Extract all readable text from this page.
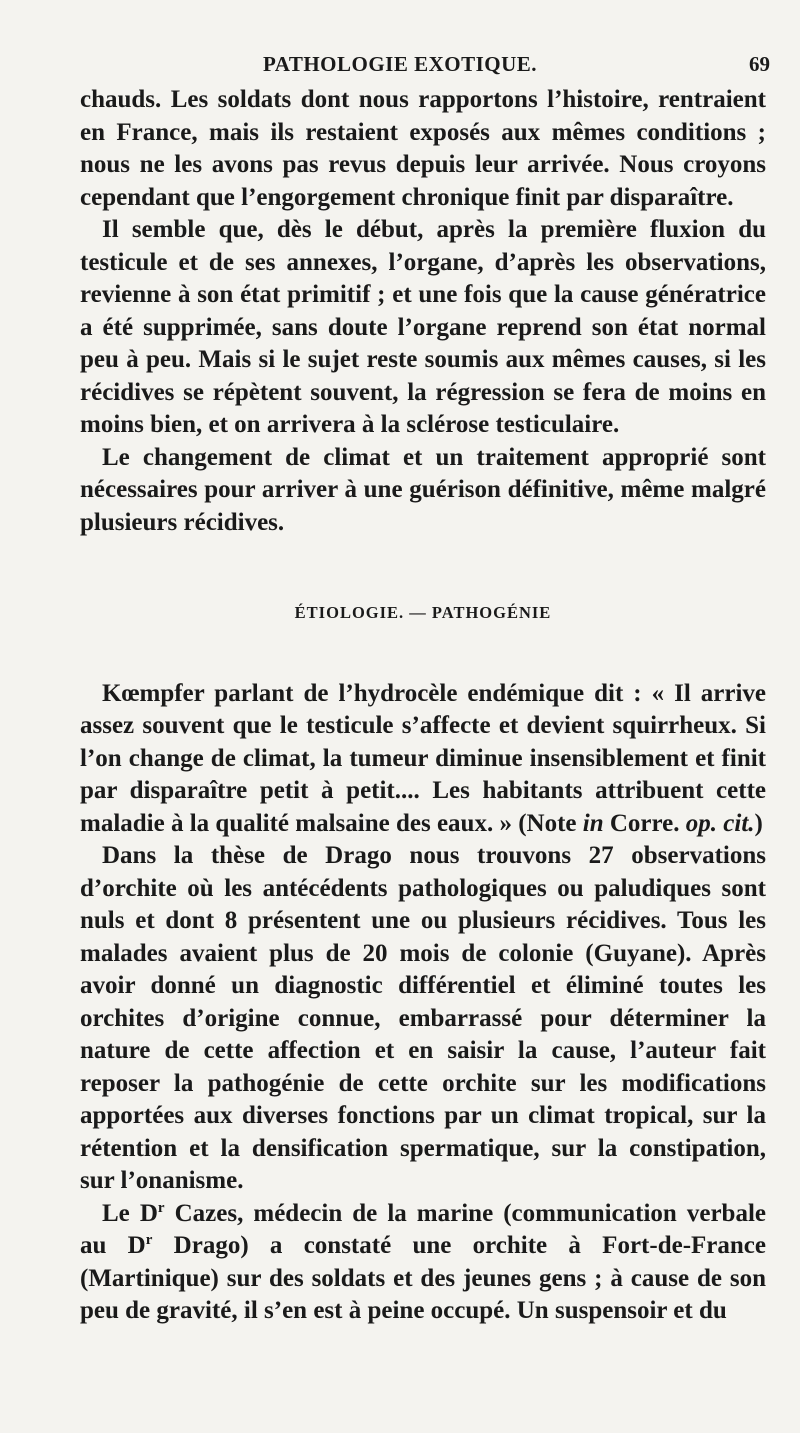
PATHOLOGIE EXOTIQUE.	69

chauds. Les soldats dont nous rapportons l’histoire, rentraient en France, mais ils restaient exposés aux mêmes conditions ; nous ne les avons pas revus depuis leur arrivée. Nous croyons cependant que l’engorgement chronique finit par disparaître.

Il semble que, dès le début, après la première fluxion du testicule et de ses annexes, l’organe, d’après les observations, revienne à son état primitif ; et une fois que la cause génératrice a été supprimée, sans doute l’organe reprend son état normal peu à peu. Mais si le sujet reste soumis aux mêmes causes, si les récidives se répètent souvent, la régression se fera de moins en moins bien, et on arrivera à la sclérose testiculaire.

Le changement de climat et un traitement approprié sont nécessaires pour arriver à une guérison définitive, même malgré plusieurs récidives.

ÉTIOLOGIE. — PATHOGÉNIE

Kœmpfer parlant de l’hydrocèle endémique dit : « Il arrive assez souvent que le testicule s’affecte et devient squirrheux. Si l’on change de climat, la tumeur diminue insensiblement et finit par disparaître petit à petit.... Les habitants attribuent cette maladie à la qualité malsaine des eaux. » (Note in Corre. op. cit.)

Dans la thèse de Drago nous trouvons 27 observations d’orchite où les antécédents pathologiques ou paludiques sont nuls et dont 8 présentent une ou plusieurs récidives. Tous les malades avaient plus de 20 mois de colonie (Guyane). Après avoir donné un diagnostic différentiel et éliminé toutes les orchites d’origine connue, embarrassé pour déterminer la nature de cette affection et en saisir la cause, l’auteur fait reposer la pathogénie de cette orchite sur les modifications apportées aux diverses fonctions par un climat tropical, sur la rétention et la densification spermatique, sur la constipation, sur l’onanisme.

Le $D^r$ Cazes, médecin de la marine (communication verbale au $D^r$ Drago) a constaté une orchite à Fort-de-France (Martinique) sur des soldats et des jeunes gens ; à cause de son peu de gravité, il s’en est à peine occupé. Un suspensoir et du
